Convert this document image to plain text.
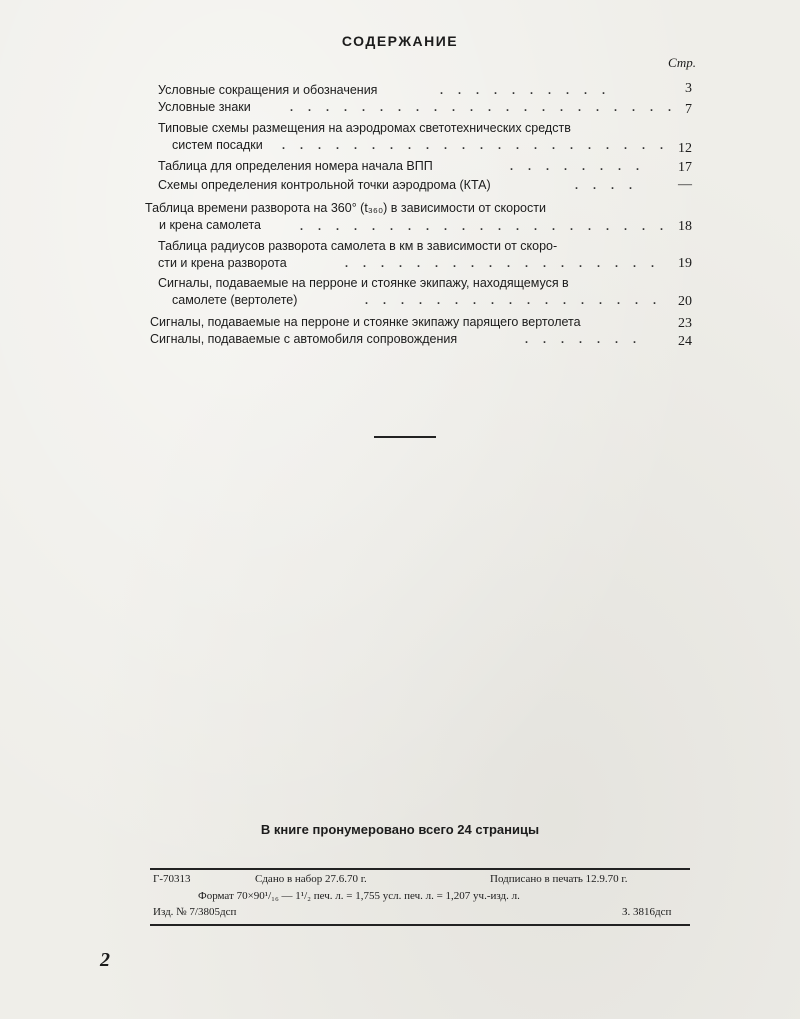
СОДЕРЖАНИЕ
Стр.
Условные сокращения и обозначения	..........	3
Условные знаки	...................... 7
Типовые схемы размещения на аэродромах светотехнических средств
систем посадки	...................... 12
Таблица для определения номера начала ВПП	........	17
Схемы определения контрольной точки аэродрома (КТА)	....	—
Таблица времени разворота на 360° (t₃₆₀) в зависимости от скорости
и крена самолета	..................... 18
Таблица радиусов разворота самолета в км в зависимости от скоро-
сти и крена разворота	.................. 19
Сигналы, подаваемые на перроне и стоянке экипажу, находящемуся в
самолете (вертолете)	................. 20
Сигналы, подаваемые на перроне и стоянке экипажу парящего вертолета	23
Сигналы, подаваемые с автомобиля сопровождения	.......	24
В книге пронумеровано всего 24 страницы
Г-70313	Сдано в набор 27.6.70 г.	Подписано в печать 12.9.70 г.
Формат 70×90¹/₁₆ — 1¹/₂ печ. л. = 1,755 усл. печ. л. = 1,207 уч.-изд. л.
Изд. № 7/3805дсп	З. 3816дсп
2
